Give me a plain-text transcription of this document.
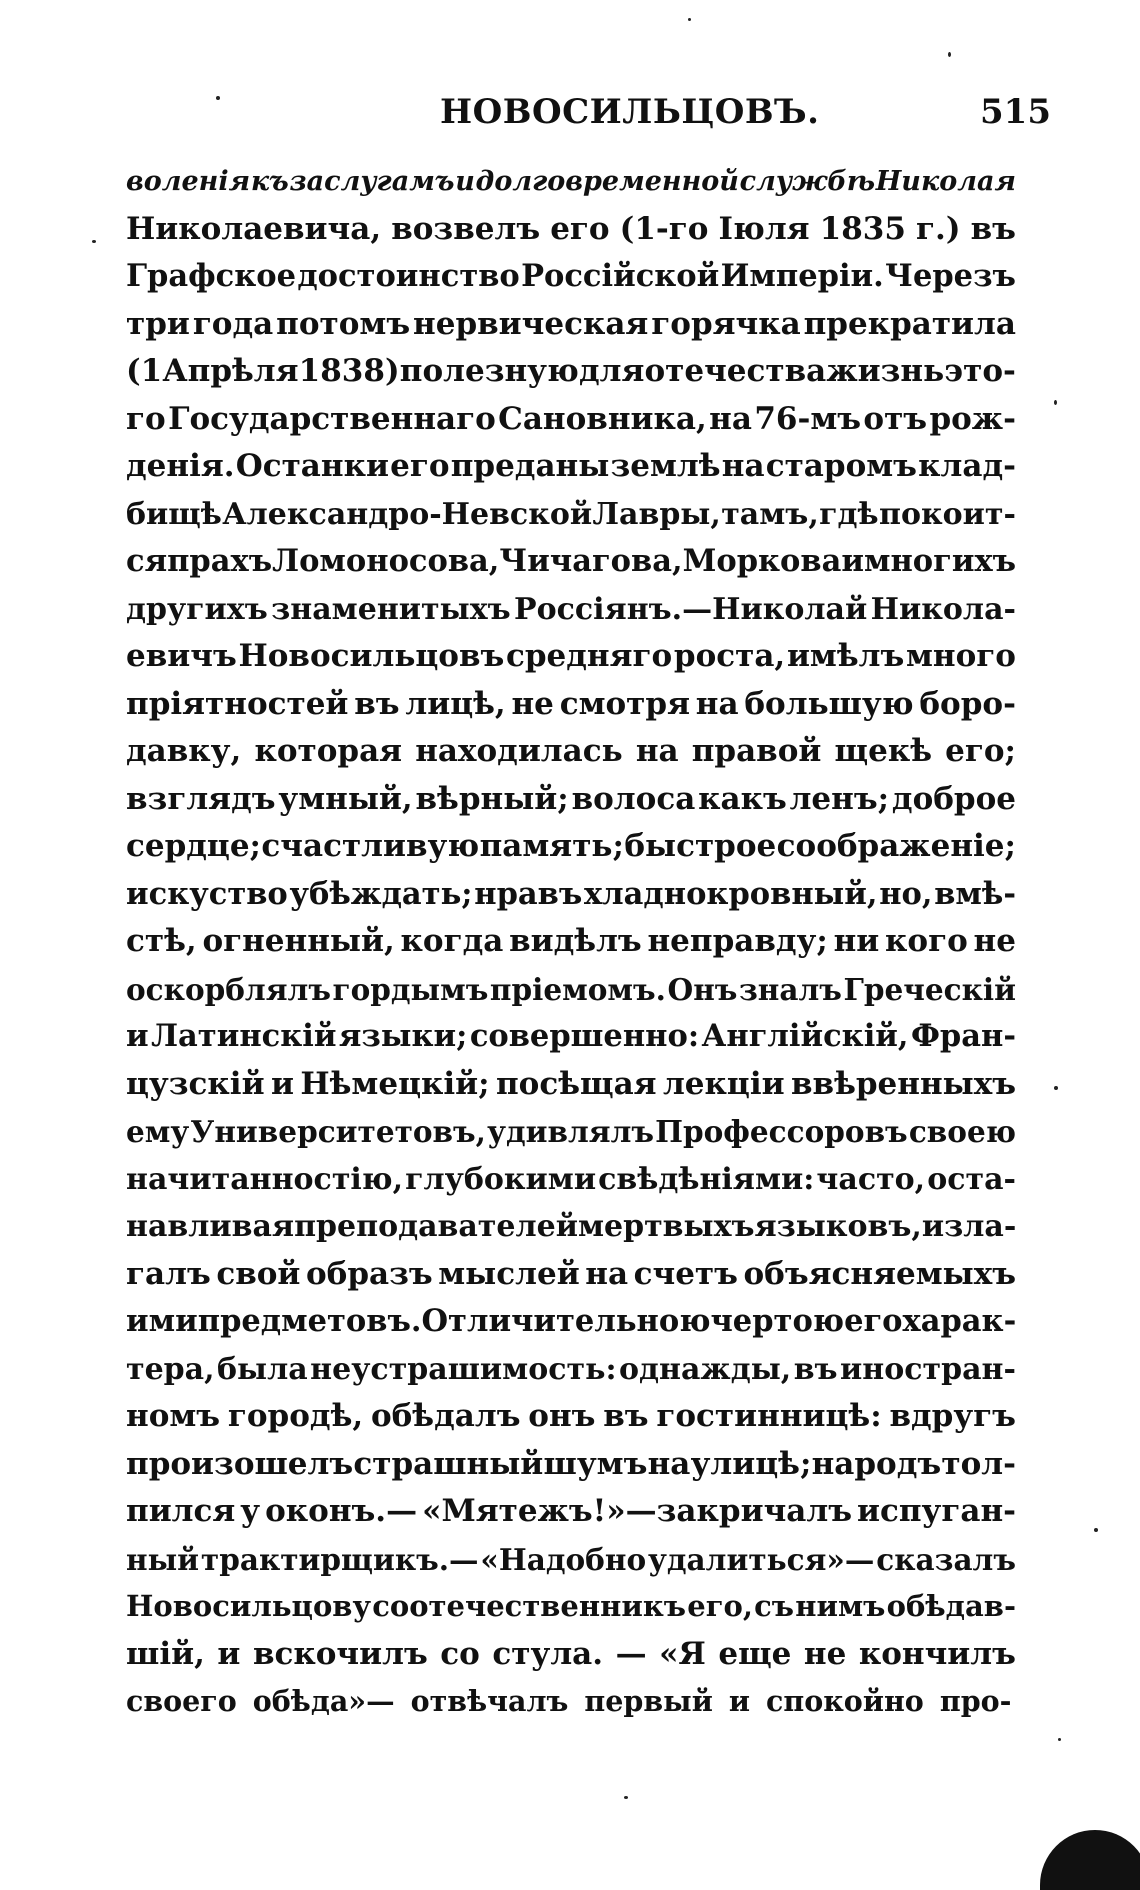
НОВОСИЛЬЦОВЪ.	515
воленія къ заслугамъ и долговременной службѣ Николая
Николаевича, возвелъ его (1-го Іюля 1835 г.) въ
Графское достоинство Россійской Имперіи. Черезъ
три года потомъ нервическая горячка прекратила
(1 Апрѣля 1838) полезную для отечества жизнь это-
го Государственнаго Сановника, на 76-мъ отъ рож-
денія. Останки его преданы землѣ на старомъ клад-
бищѣ Александро-Невской Лавры, тамъ, гдѣ покоит-
ся прахъ Ломоносова, Чичагова, Моркова и многихъ
другихъ знаменитыхъ Россіянъ.—Николай Никола-
евичъ Новосильцовъ средняго роста, имѣлъ много
пріятностей въ лицѣ, не смотря на большую боро-
давку, которая находилась на правой щекѣ его;
взглядъ умный, вѣрный; волоса какъ ленъ; доброе
сердце; счастливую память; быстрое соображеніе;
искуство убѣждать; нравъ хладнокровный, но, вмѣ-
стѣ, огненный, когда видѣлъ неправду; ни кого не
оскорблялъ гордымъ пріемомъ. Онъ зналъ Греческій
и Латинскій языки; совершенно: Англійскій, Фран-
цузскій и Нѣмецкій; посѣщая лекціи ввѣренныхъ
ему Университетовъ, удивлялъ Профессоровъ своею
начитанностію, глубокими свѣдѣніями: часто, оста-
навливая преподавателей мертвыхъ языковъ, изла-
галъ свой образъ мыслей на счетъ объясняемыхъ
ими предметовъ. Отличительною чертою его харак-
тера, была неустрашимость: однажды, въ иностран-
номъ городѣ, обѣдалъ онъ въ гостинницѣ: вдругъ
произошелъ страшный шумъ на улицѣ; народъ тол-
пился у оконъ.— «Мятежъ!»—закричалъ испуган-
ный трактирщикъ.— «Надобно удалиться»— сказалъ
Новосильцову соотечественникъ его, съ нимъ обѣдав-
шій, и вскочилъ со стула. — «Я еще не кончилъ
своего обѣда»— отвѣчалъ первый и спокойно про-
